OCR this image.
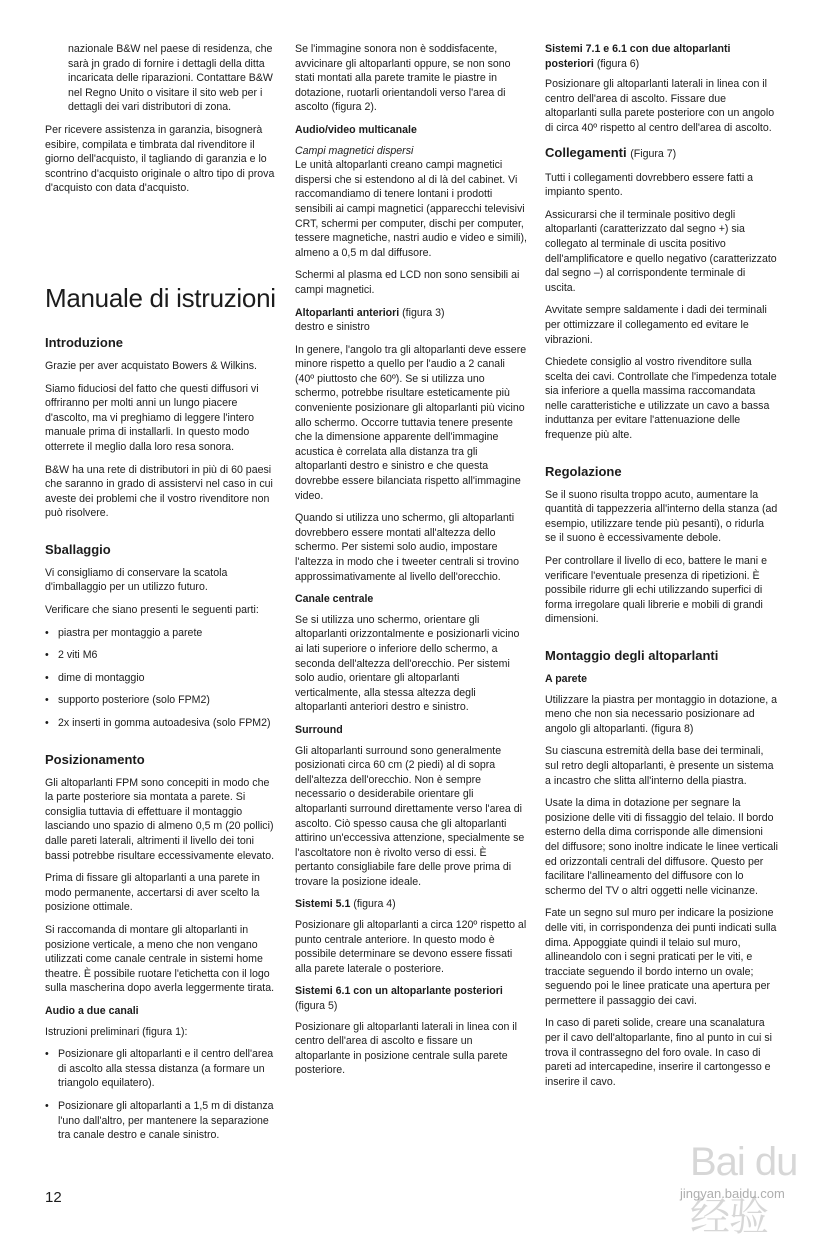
nazionale B&W nel paese di residenza, che sarà jn grado di fornire i dettagli della ditta incaricata delle riparazioni. Contattare B&W nel Regno Unito o visitare il sito web per i dettagli dei vari distributori di zona.

Per ricevere assistenza in garanzia, bisognerà esibire, compilata e timbrata dal rivenditore il giorno dell'acquisto, il tagliando di garanzia e lo scontrino d'acquisto originale o altro tipo di prova d'acquisto con data d'acquisto.

Manuale di istruzioni
Introduzione

Grazie per aver acquistato Bowers & Wilkins.

Siamo fiduciosi del fatto che questi diffusori vi offriranno per molti anni un lungo piacere d'ascolto, ma vi preghiamo di leggere l'intero manuale prima di installarli. In questo modo otterrete il meglio dalla loro resa sonora.

B&W ha una rete di distributori in più di 60 paesi che saranno in grado di assistervi nel caso in cui aveste dei problemi che il vostro rivenditore non può risolvere.

Sballaggio

Vi consigliamo di conservare la scatola d'imballaggio per un utilizzo futuro.

Verificare che siano presenti le seguenti parti:

• piastra per montaggio a parete
• 2 viti M6
• dime di montaggio
• supporto posteriore (solo FPM2)
• 2x inserti in gomma autoadesiva (solo FPM2)
Posizionamento

Gli altoparlanti FPM sono concepiti in modo che la parte posteriore sia montata a parete. Si consiglia tuttavia di effettuare il montaggio lasciando uno spazio di almeno 0,5 m (20 pollici) dalle pareti laterali, altrimenti il livello dei toni bassi potrebbe risultare eccessivamente elevato.

Prima di fissare gli altoparlanti a una parete in modo permanente, accertarsi di aver scelto la posizione ottimale.

Si raccomanda di montare gli altoparlanti in posizione verticale, a meno che non vengano utilizzati come canale centrale in sistemi home theatre. È possibile ruotare l'etichetta con il logo sulla mascherina dopo averla leggermente tirata.

Audio a due canali

Istruzioni preliminari (figura 1):

• Posizionare gli altoparlanti e il centro dell'area di ascolto alla stessa distanza (a formare un triangolo equilatero).
• Posizionare gli altoparlanti a 1,5 m di distanza l'uno dall'altro, per mantenere la separazione tra canale destro e canale sinistro.

Se l'immagine sonora non è soddisfacente, avvicinare gli altoparlanti oppure, se non sono stati montati alla parete tramite le piastre in dotazione, ruotarli orientandoli verso l'area di ascolto (figura 2).

Audio/video multicanale

Campi magnetici dispersi

Le unità altoparlanti creano campi magnetici dispersi che si estendono al di là del cabinet. Vi raccomandiamo di tenere lontani i prodotti sensibili ai campi magnetici (apparecchi televisivi CRT, schermi per computer, dischi per computer, tessere magnetiche, nastri audio e video e simili), almeno a 0,5 m dal diffusore.

Schermi al plasma ed LCD non sono sensibili ai campi magnetici.

Altoparlanti anteriori (figura 3)

destro e sinistro

In genere, l'angolo tra gli altoparlanti deve essere minore rispetto a quello per l'audio a 2 canali (40º piuttosto che 60º). Se si utilizza uno schermo, potrebbe risultare esteticamente più conveniente posizionare gli altoparlanti più vicino allo schermo. Occorre tuttavia tenere presente che la dimensione apparente dell'immagine acustica è correlata alla distanza tra gli altoparlanti destro e sinistro e che questa dovrebbe essere bilanciata rispetto all'immagine video.

Quando si utilizza uno schermo, gli altoparlanti dovrebbero essere montati all'altezza dello schermo. Per sistemi solo audio, impostare l'altezza in modo che i tweeter centrali si trovino approssimativamente al livello dell'orecchio.

Canale centrale

Se si utilizza uno schermo, orientare gli altoparlanti orizzontalmente e posizionarli vicino ai lati superiore o inferiore dello schermo, a seconda dell'altezza dell'orecchio. Per sistemi solo audio, orientare gli altoparlanti verticalmente, alla stessa altezza degli altoparlanti anteriori destro e sinistro.

Surround

Gli altoparlanti surround sono generalmente posizionati circa 60 cm (2 piedi) al di sopra dell'altezza dell'orecchio. Non è sempre necessario o desiderabile orientare gli altoparlanti surround direttamente verso l'area di ascolto. Ciò spesso causa che gli altoparlanti attirino un'eccessiva attenzione, specialmente se l'ascoltatore non è rivolto verso di essi. È pertanto consigliabile fare delle prove prima di trovare la posizione ideale.

Sistemi 5.1 (figura 4)

Posizionare gli altoparlanti a circa 120º rispetto al punto centrale anteriore. In questo modo è possibile determinare se devono essere fissati alla parete laterale o posteriore.

Sistemi 6.1 con un altoparlante posteriori (figura 5)

Posizionare gli altoparlanti laterali in linea con il centro dell'area di ascolto e fissare un altoparlante in posizione centrale sulla parete posteriore.

Sistemi 7.1 e 6.1 con due altoparlanti posteriori (figura 6)

Posizionare gli altoparlanti laterali in linea con il centro dell'area di ascolto. Fissare due altoparlanti sulla parete posteriore con un angolo di circa 40º rispetto al centro dell'area di ascolto.

Collegamenti (Figura 7)

Tutti i collegamenti dovrebbero essere fatti a impianto spento.

Assicurarsi che il terminale positivo degli altoparlanti (caratterizzato dal segno +) sia collegato al terminale di uscita positivo dell'amplificatore e quello negativo (caratterizzato dal segno –) al corrispondente terminale di uscita.

Avvitate sempre saldamente i dadi dei terminali per ottimizzare il collegamento ed evitare le vibrazioni.

Chiedete consiglio al vostro rivenditore sulla scelta dei cavi. Controllate che l'impedenza totale sia inferiore a quella massima raccomandata nelle caratteristiche e utilizzate un cavo a bassa induttanza per evitare l'attenuazione delle frequenze più alte.

Regolazione

Se il suono risulta troppo acuto, aumentare la quantità di tappezzeria all'interno della stanza (ad esempio, utilizzare tende più pesanti), o ridurla se il suono è eccessivamente debole.

Per controllare il livello di eco, battere le mani e verificare l'eventuale presenza di ripetizioni. È possibile ridurre gli echi utilizzando superfici di forma irregolare quali librerie e mobili di grandi dimensioni.

Montaggio degli altoparlanti
A parete

Utilizzare la piastra per montaggio in dotazione, a meno che non sia necessario posizionare ad angolo gli altoparlanti. (figura 8)

Su ciascuna estremità della base dei terminali, sul retro degli altoparlanti, è presente un sistema a incastro che slitta all'interno della piastra.

Usate la dima in dotazione per segnare la posizione delle viti di fissaggio del telaio. Il bordo esterno della dima corrisponde alle dimensioni del diffusore; sono inoltre indicate le linee verticali ed orizzontali centrali del diffusore. Questo per facilitare l'allineamento del diffusore con lo schermo del TV o altri oggetti nelle vicinanze.

Fate un segno sul muro per indicare la posizione delle viti, in corrispondenza dei punti indicati sulla dima. Appoggiate quindi il telaio sul muro, allineandolo con i segni praticati per le viti, e tracciate seguendo il bordo interno un ovale; seguendo poi le linee praticate una apertura per permettere il passaggio dei cavi.

In caso di pareti solide, creare una scanalatura per il cavo dell'altoparlante, fino al punto in cui si trova il contrassegno del foro ovale. In caso di pareti ad intercapedine, inserire il cartongesso e inserire il cavo.

12
Bai du 经验
jingyan.baidu.com
